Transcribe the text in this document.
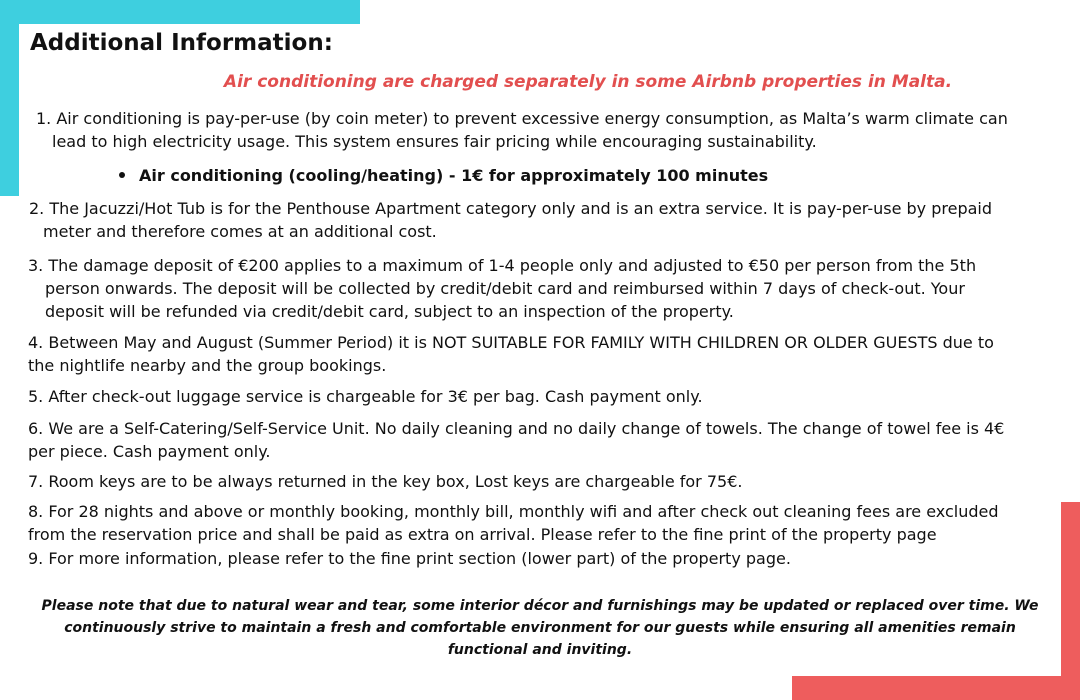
Additional Information:

Air conditioning are charged separately in some Airbnb properties in Malta.

1. Air conditioning is pay-per-use (by coin meter) to prevent excessive energy consumption, as Malta’s warm climate can
lead to high electricity usage. This system ensures fair pricing while encouraging sustainability.

Air conditioning (cooling/heating) - 1€ for approximately 100 minutes

2. The Jacuzzi/Hot Tub is for the Penthouse Apartment category only and is an extra service. It is pay-per-use by prepaid
meter and therefore comes at an additional cost.

3. The damage deposit of €200 applies to a maximum of 1-4 people only and adjusted to €50 per person from the 5th
person onwards. The deposit will be collected by credit/debit card and reimbursed within 7 days of check-out. Your
deposit will be refunded via credit/debit card, subject to an inspection of the property.

4. Between May and August (Summer Period) it is NOT SUITABLE FOR FAMILY WITH CHILDREN OR OLDER GUESTS due to
the nightlife nearby and the group bookings.

5. After check-out luggage service is chargeable for 3€ per bag. Cash payment only.

6. We are a Self-Catering/Self-Service Unit. No daily cleaning and no daily change of towels. The change of towel fee is 4€
per piece. Cash payment only.

7. Room keys are to be always returned in the key box, Lost keys are chargeable for 75€.

8. For 28 nights and above or monthly booking, monthly bill, monthly wifi and after check out cleaning fees are excluded
from the reservation price and shall be paid as extra on arrival. Please refer to the fine print of the property page

9. For more information, please refer to the fine print section (lower part) of the property page.

Please note that due to natural wear and tear, some interior décor and furnishings may be updated or replaced over time. We
continuously strive to maintain a fresh and comfortable environment for our guests while ensuring all amenities remain
functional and inviting.
